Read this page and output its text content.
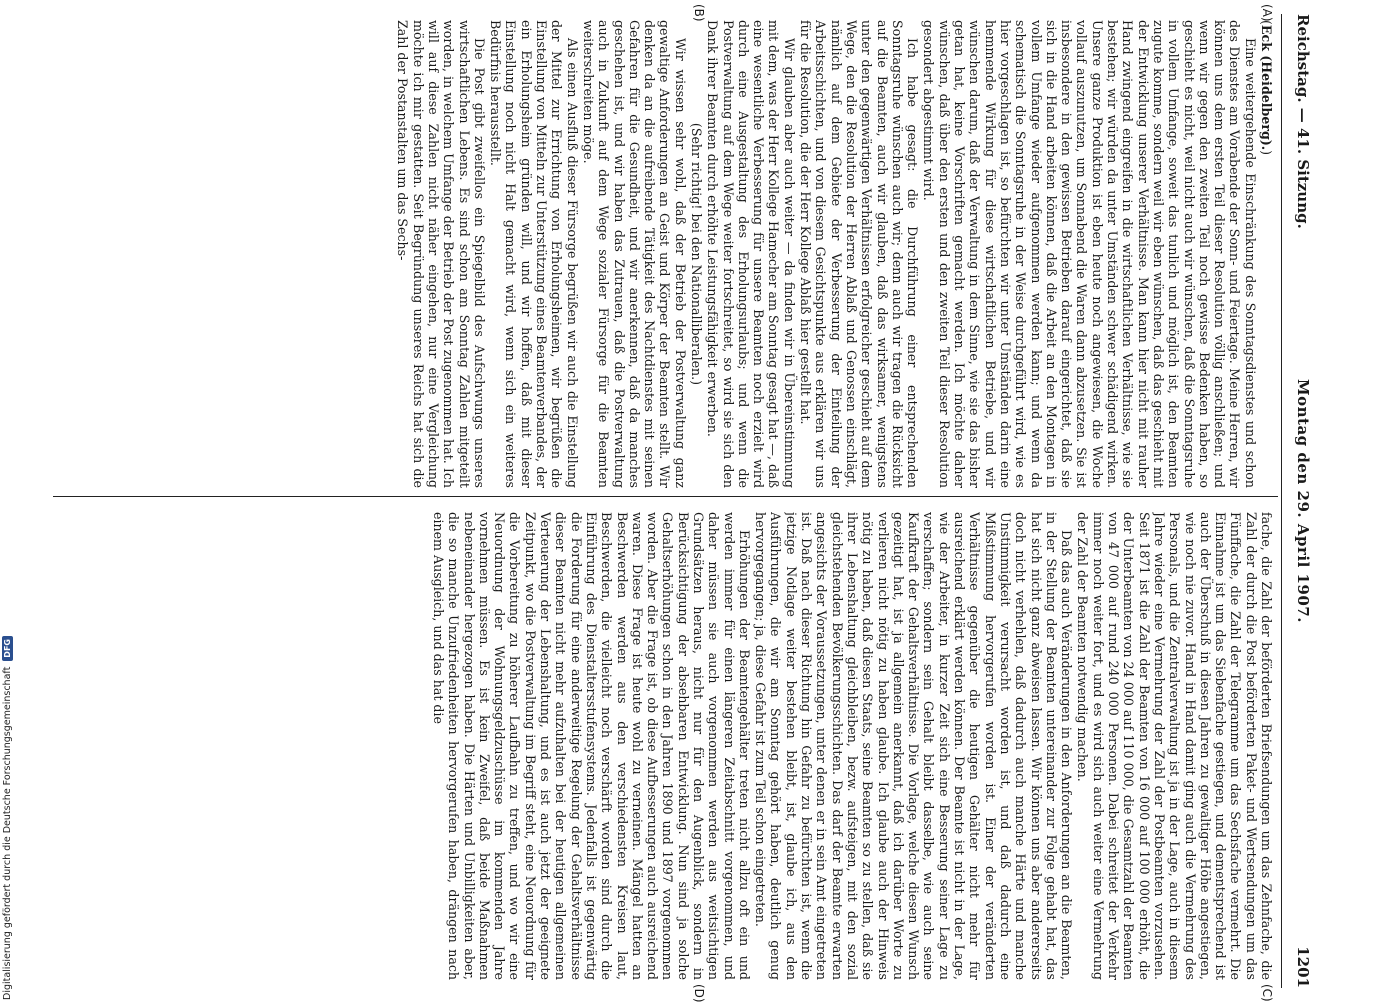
Reichstag. — 41. Sitzung.
Montag den 29. April 1907.
1201
(A)
(B)
(C)
(D)

(Eck (Heidelberg).)

Eine weitergehende Einschränkung des Sonntagsdienstes und schon des Dienstes am Vorabende der Sonn- und Feiertage. Meine Herren, wir können uns dem ersten Teil dieser Resolution völlig anschließen; und wenn wir gegen den zweiten Teil noch gewisse Bedenken haben, so geschieht es nicht, weil nicht auch wir wünschen, daß die Sonntagsruhe in vollem Umfange, soweit das tunlich und möglich ist, den Beamten zugute komme, sondern weil wir eben wünschen, daß das geschieht mit der Entwicklung unserer Verhältnisse. Man kann hier nicht mit rauher Hand zwingend eingreifen in die wirtschaftlichen Verhältnisse, wie sie bestehen; wir würden da unter Umständen schwer schädigend wirken. Unsere ganze Produktion ist eben heute noch angewiesen, die Woche vollauf auszunutzen, um Sonnabend die Waren dann abzusetzen. Sie ist insbesondere in den gewissen Betrieben darauf eingerichtet, daß sie sich in die Hand arbeiten können, daß die Arbeit an den Montagen in vollem Umfange wieder aufgenommen werden kann; und wenn da schematisch die Sonntagsruhe in der Weise durchgeführt wird, wie es hier vorgeschlagen ist, so befürchten wir unter Umständen darin eine hemmende Wirkung für diese wirtschaftlichen Betriebe, und wir wünschen darum, daß der Verwaltung in dem Sinne, wie sie das bisher getan hat, keine Vorschriften gemacht werden. Ich möchte daher wünschen, daß über den ersten und den zweiten Teil dieser Resolution gesondert abgestimmt wird.

Ich habe gesagt: die Durchführung einer entsprechenden Sonntagsruhe wünschen auch wir; denn auch wir tragen die Rücksicht auf die Beamten, auch wir glauben, daß das wirksamer, wenigstens unter den gegenwärtigen Verhältnissen erfolgreicher geschieht auf dem Wege, den die Resolution der Herren Ablaß und Genossen einschlägt, nämlich auf dem Gebiete der Verbesserung der Einteilung der Arbeitsschichten, und von diesem Gesichtspunkte aus erklären wir uns für die Resolution, die der Herr Kollege Ablaß hier gestellt hat.

Wir glauben aber auch weiter — da finden wir in Übereinstimmung mit dem, was der Herr Kollege Hamecher am Sonntag gesagt hat —, daß eine wesentliche Verbesserung für unsere Beamten noch erzielt wird durch eine Ausgestaltung des Erholungsurlaubs; und wenn die Postverwaltung auf dem Wege weiter fortschreitet, so wird sie sich den Dank ihrer Beamten durch erhöhte Leistungsfähigkeit erwerben.

(Sehr richtig! bei den Nationalliberalen.)

Wir wissen sehr wohl, daß der Betrieb der Postverwaltung ganz gewaltige Anforderungen an Geist und Körper der Beamten stellt. Wir denken da an die aufreibende Tätigkeit des Nachtdienstes mit seinen Gefahren für die Gesundheit, und wir anerkennen, daß da manches geschehen ist, und wir haben das Zutrauen, daß die Postverwaltung auch in Zukunft auf dem Wege sozialer Fürsorge für die Beamten weiterschreiten möge.

Als einen Ausfluß dieser Fürsorge begrüßen wir auch die Einstellung der Mittel zur Errichtung von Erholungsheimen, wir begrüßen die Einstellung von Mitteln zur Unterstützung eines Beamtenverbandes, der ein Erholungsheim gründen will, und wir hoffen, daß mit dieser Einstellung noch nicht Halt gemacht wird, wenn sich ein weiteres Bedürfnis herausstellt.

Die Post gibt zweifellos ein Spiegelbild des Aufschwungs unseres wirtschaftlichen Lebens. Es sind schon am Sonntag Zahlen mitgeteilt worden, in welchem Umfange der Betrieb der Post zugenommen hat. Ich will auf diese Zahlen nicht näher eingehen, nur eine Vergleichung möchte ich mir gestatten. Seit Begründung unseres Reichs hat sich die Zahl der Postanstalten um das Sechs-

fache, die Zahl der beförderten Briefsendungen um das Zehnfache, die Zahl der durch die Post beförderten Paket- und Wertsendungen um das Fünffache, die Zahl der Telegramme um das Sechsfache vermehrt. Die Einnahme ist um das Siebenfache gestiegen, und dementsprechend ist auch der Überschuß in diesen Jahren zu gewaltiger Höhe angestiegen, wie noch nie zuvor. Hand in Hand damit ging auch die Vermehrung des Personals, und die Zentralverwaltung ist ja in der Lage, auch in diesem Jahre wieder eine Vermehrung der Zahl der Postbeamten vorzusehen. Seit 1871 ist die Zahl der Beamten von 16 000 auf 100 000 erhöht, die der Unterbeamten von 24 000 auf 110 000, die Gesamtzahl der Beamten von 47 000 auf rund 240 000 Personen. Dabei schreitet der Verkehr immer noch weiter fort, und es wird sich auch weiter eine Vermehrung der Zahl der Beamten notwendig machen.

Daß das auch Veränderungen in den Anforderungen an die Beamten, in der Stellung der Beamten untereinander zur Folge gehabt hat, das hat sich nicht ganz abweisen lassen. Wir können uns aber andererseits doch nicht verhehlen, daß dadurch auch manche Härte und manche Unstimmigkeit verursacht worden ist, und daß dadurch eine Mißstimmung hervorgerufen worden ist. Einer der veränderten Verhältnisse gegenüber die heutigen Gehälter nicht mehr für ausreichend erklärt werden können. Der Beamte ist nicht in der Lage, wie der Arbeiter, in kurzer Zeit sich eine Besserung seiner Lage zu verschaffen; sondern sein Gehalt bleibt dasselbe, wie auch seine Kaufkraft der Gehaltsverhältnisse. Die Vorlage, welche diesen Wunsch gezeitigt hat, ist ja allgemein anerkannt, daß ich darüber Worte zu verlieren nicht nötig zu haben glaube. Ich glaube auch der Hinweis nötig zu haben, daß diesen Staats, seine Beamten so zu stellen, daß sie ihrer Lebenshaltung gleichbleiben, bezw. aufsteigen, mit den sozial gleichstehenden Bevölkerungsschichten. Das darf der Beamte erwarten angesichts der Voraussetzungen, unter denen er in sein Amt eingetreten ist. Daß nach dieser Richtung hin Gefahr zu befürchten ist, wenn die jetzige Notlage weiter bestehen bleibt, ist, glaube ich, aus den Ausführungen, die wir am Sonntag gehört haben, deutlich genug hervorgegangen; ja, diese Gefahr ist zum Teil schon eingetreten.

Erhöhungen der Beamtengehälter treten nicht allzu oft ein und werden immer für einen längeren Zeitabschnitt vorgenommen, und daher müssen sie auch vorgenommen werden aus weitsichtigen Grundsätzen heraus, nicht nur für den Augenblick, sondern in Berücksichtigung der absehbaren Entwicklung. Nun sind ja solche Gehaltserhöhungen schon in den Jahren 1890 und 1897 vorgenommen worden. Aber die Frage ist, ob diese Aufbesserungen auch ausreichend waren. Diese Frage ist heute wohl zu verneinen. Mängel hatten an Beschwerden werden aus den verschiedensten Kreisen laut, Beschwerden, die vielleicht noch verschärft worden sind durch die Einführung des Dienstaltersstufensystems. Jedenfalls ist gegenwärtig die Forderung für eine anderweitige Regelung der Gehaltsverhältnisse dieser Beamten nicht mehr aufzuhalten bei der heutigen allgemeinen Verteuerung der Lebenshaltung, und es ist auch jetzt der geeignete Zeitpunkt, wo die Postverwaltung im Begriff steht, eine Neuordnung für die Vorbereitung zu höherer Laufbahn zu treffen, und wo wir eine Neuordnung der Wohnungsgeldzuschüsse im kommenden Jahre vornehmen müssen. Es ist kein Zweifel, daß beide Maßnahmen nebeneinander hergezogen haben. Die Härten und Unbilligkeiten aber, die so manche Unzufriedenheiten hervorgerufen haben, drängen nach einem Ausgleich, und das hat die

Digitalisierung gefördert durch die Deutsche Forschungsgemeinschaft
DFG
